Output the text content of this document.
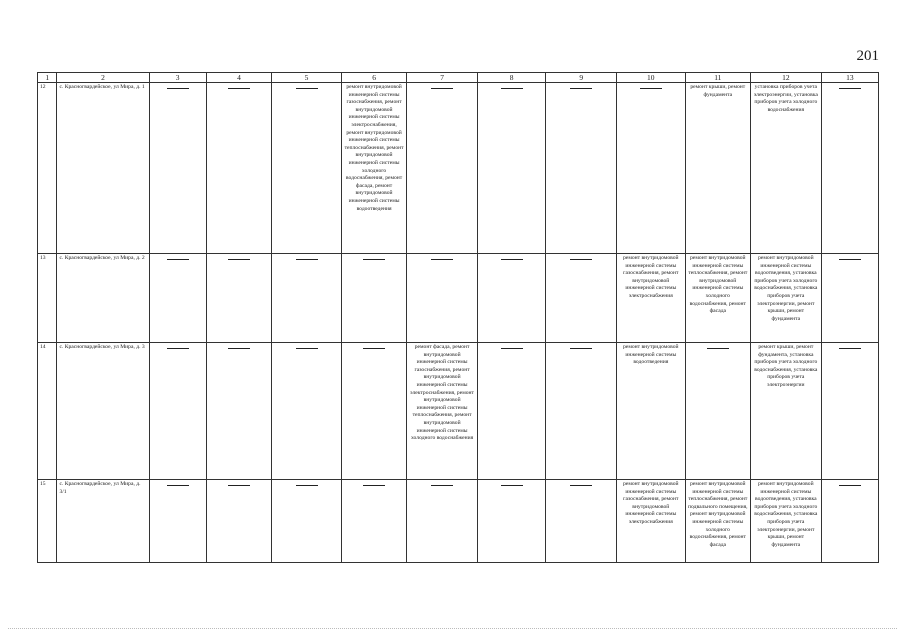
201
1	2	3	4	5	6	7	8	9	10	11	12	13
12	с. Красногвардейское, ул Мира, д. 1				ремонт внутридомовой инженерной системы газоснабжения, ремонт внутридомовой инженерной системы электроснабжения, ремонт внутридомовой инженерной системы теплоснабжения, ремонт внутридомовой инженерной системы холодного водоснабжения, ремонт фасада, ремонт внутридомовой инженерной системы водоотведения					ремонт крыши, ремонт фундамента	установка приборов учета электроэнергии, установка приборов учета холодного водоснабжения	

13	с. Красногвардейское, ул Мира, д. 2								ремонт внутридомовой инженерной системы газоснабжения, ремонт внутридомовой инженерной системы электроснабжения	ремонт внутридомовой инженерной системы теплоснабжения, ремонт внутридомовой инженерной системы холодного водоснабжения, ремонт фасада	ремонт внутридомовой инженерной системы водоотведения, установка приборов учета холодного водоснабжения, установка приборов учета электроэнергии, ремонт крыши, ремонт фундамента	

14	с. Красногвардейское, ул Мира, д. 3					ремонт фасада, ремонт внутридомовой инженерной системы газоснабжения, ремонт внутридомовой инженерной системы электроснабжения, ремонт внутридомовой инженерной системы теплоснабжения, ремонт внутридомовой инженерной системы холодного водоснабжения			ремонт внутридомовой инженерной системы водоотведения		ремонт крыши, ремонт фундамента, установка приборов учета холодного водоснабжения, установка приборов учета электроэнергии	

15	с. Красногвардейское, ул Мира, д. 3/1								ремонт внутридомовой инженерной системы газоснабжения, ремонт внутридомовой инженерной системы электроснабжения	ремонт внутридомовой инженерной системы теплоснабжения, ремонт подвального помещения, ремонт внутридомовой инженерной системы холодного водоснабжения, ремонт фасада	ремонт внутридомовой инженерной системы водоотведения, установка приборов учета холодного водоснабжения, установка приборов учета электроэнергии, ремонт крыши, ремонт фундамента	
